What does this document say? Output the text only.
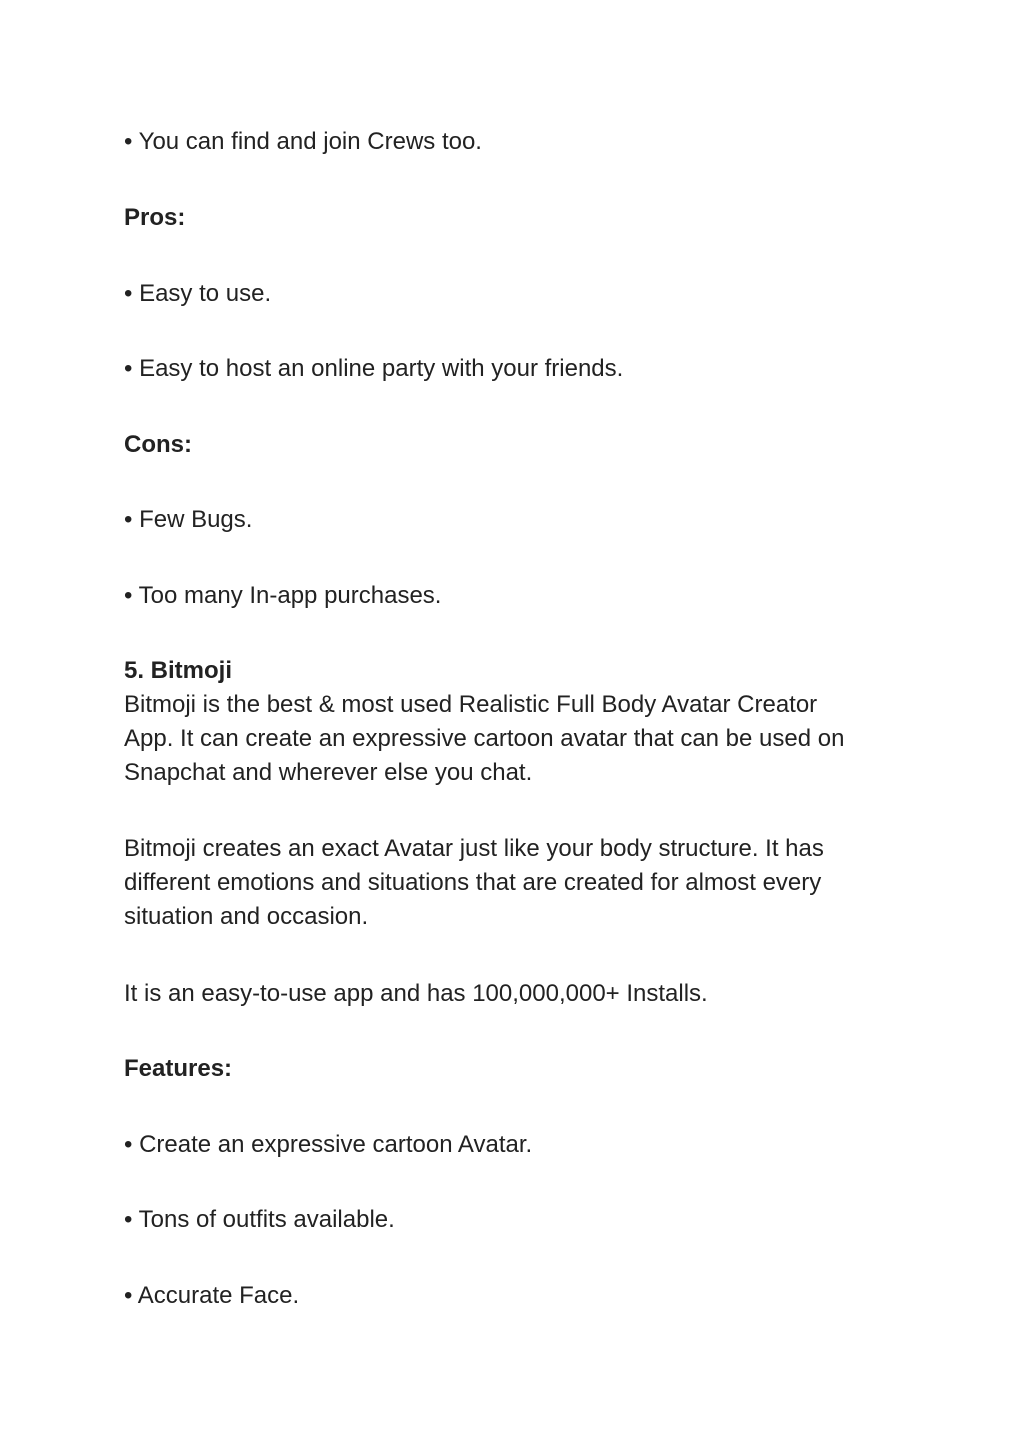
• You can find and join Crews too.

Pros:

• Easy to use.

• Easy to host an online party with your friends.

Cons:

• Few Bugs.

• Too many In-app purchases.

5. Bitmoji

Bitmoji is the best & most used Realistic Full Body Avatar Creator
App. It can create an expressive cartoon avatar that can be used on
Snapchat and wherever else you chat.
Bitmoji creates an exact Avatar just like your body structure. It has
different emotions and situations that are created for almost every
situation and occasion.

It is an easy-to-use app and has 100,000,000+ Installs.

Features:

• Create an expressive cartoon Avatar.

• Tons of outfits available.

• Accurate Face.
